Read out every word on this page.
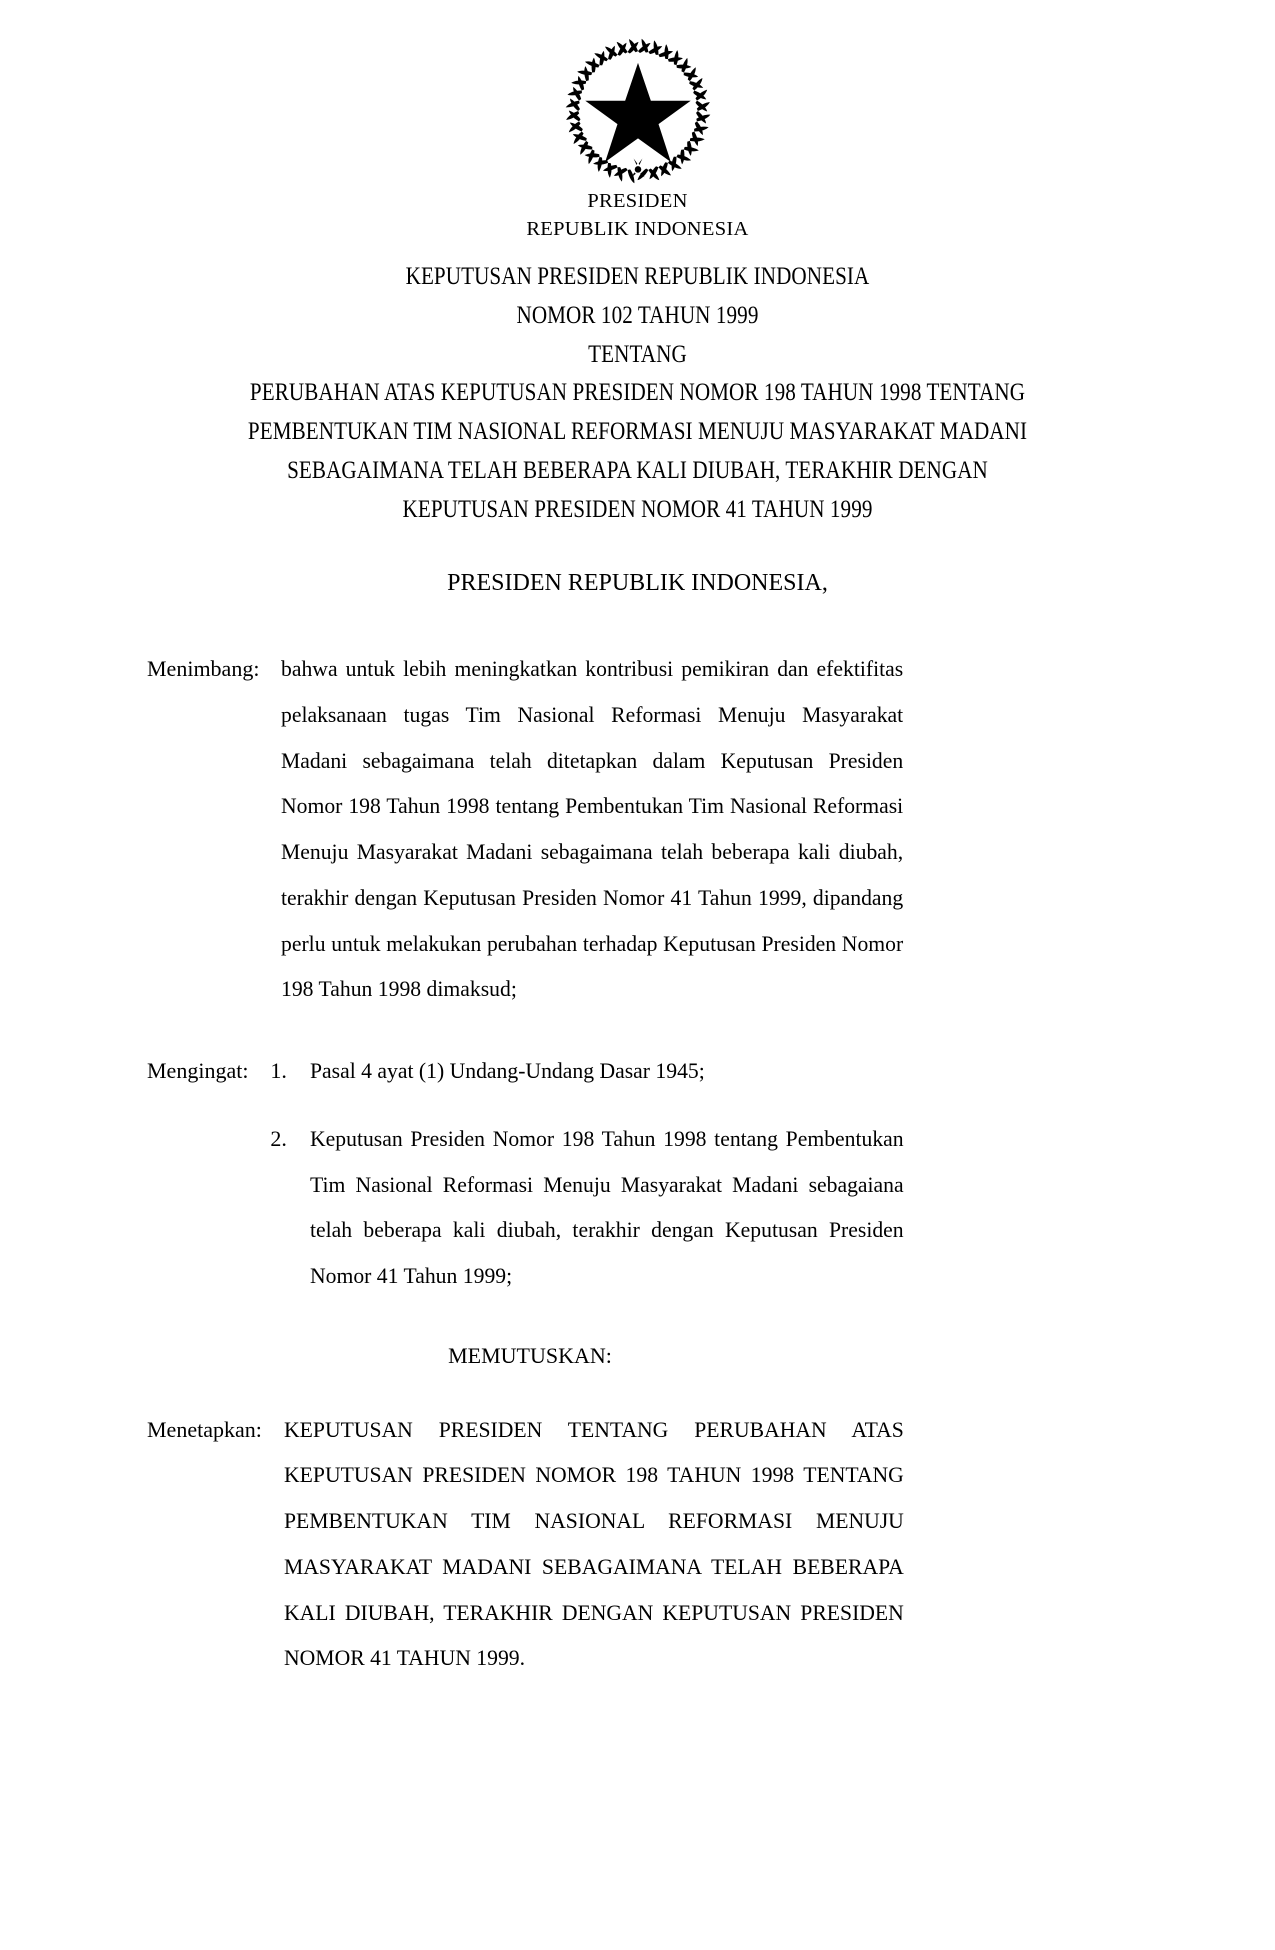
PRESIDEN
REPUBLIK INDONESIA
KEPUTUSAN PRESIDEN REPUBLIK INDONESIA
NOMOR 102 TAHUN 1999
TENTANG
PERUBAHAN ATAS KEPUTUSAN PRESIDEN NOMOR 198 TAHUN 1998 TENTANG
PEMBENTUKAN TIM NASIONAL REFORMASI MENUJU MASYARAKAT MADANI
SEBAGAIMANA TELAH BEBERAPA KALI DIUBAH, TERAKHIR DENGAN
KEPUTUSAN PRESIDEN NOMOR 41 TAHUN 1999
PRESIDEN REPUBLIK INDONESIA,
Menimbang : bahwa untuk lebih meningkatkan kontribusi pemikiran dan efektifitas pelaksanaan tugas Tim Nasional Reformasi Menuju Masyarakat Madani sebagaimana telah ditetapkan dalam Keputusan Presiden Nomor 198 Tahun 1998 tentang Pembentukan Tim Nasional Reformasi Menuju Masyarakat Madani sebagaimana telah beberapa kali diubah, terakhir dengan Keputusan Presiden Nomor 41 Tahun 1999, dipandang perlu untuk melakukan perubahan terhadap Keputusan Presiden Nomor 198 Tahun 1998 dimaksud;

Mengingat : 1. Pasal 4 ayat (1) Undang-Undang Dasar 1945;

2. Keputusan Presiden Nomor 198 Tahun 1998 tentang Pembentukan Tim Nasional Reformasi Menuju Masyarakat Madani sebagaiana telah beberapa kali diubah, terakhir dengan Keputusan Presiden Nomor 41 Tahun 1999;

MEMUTUSKAN:
Menetapkan : KEPUTUSAN PRESIDEN TENTANG PERUBAHAN ATAS KEPUTUSAN PRESIDEN NOMOR 198 TAHUN 1998 TENTANG PEMBENTUKAN TIM NASIONAL REFORMASI MENUJU MASYARAKAT MADANI SEBAGAIMANA TELAH BEBERAPA KALI DIUBAH, TERAKHIR DENGAN KEPUTUSAN PRESIDEN NOMOR 41 TAHUN 1999.
